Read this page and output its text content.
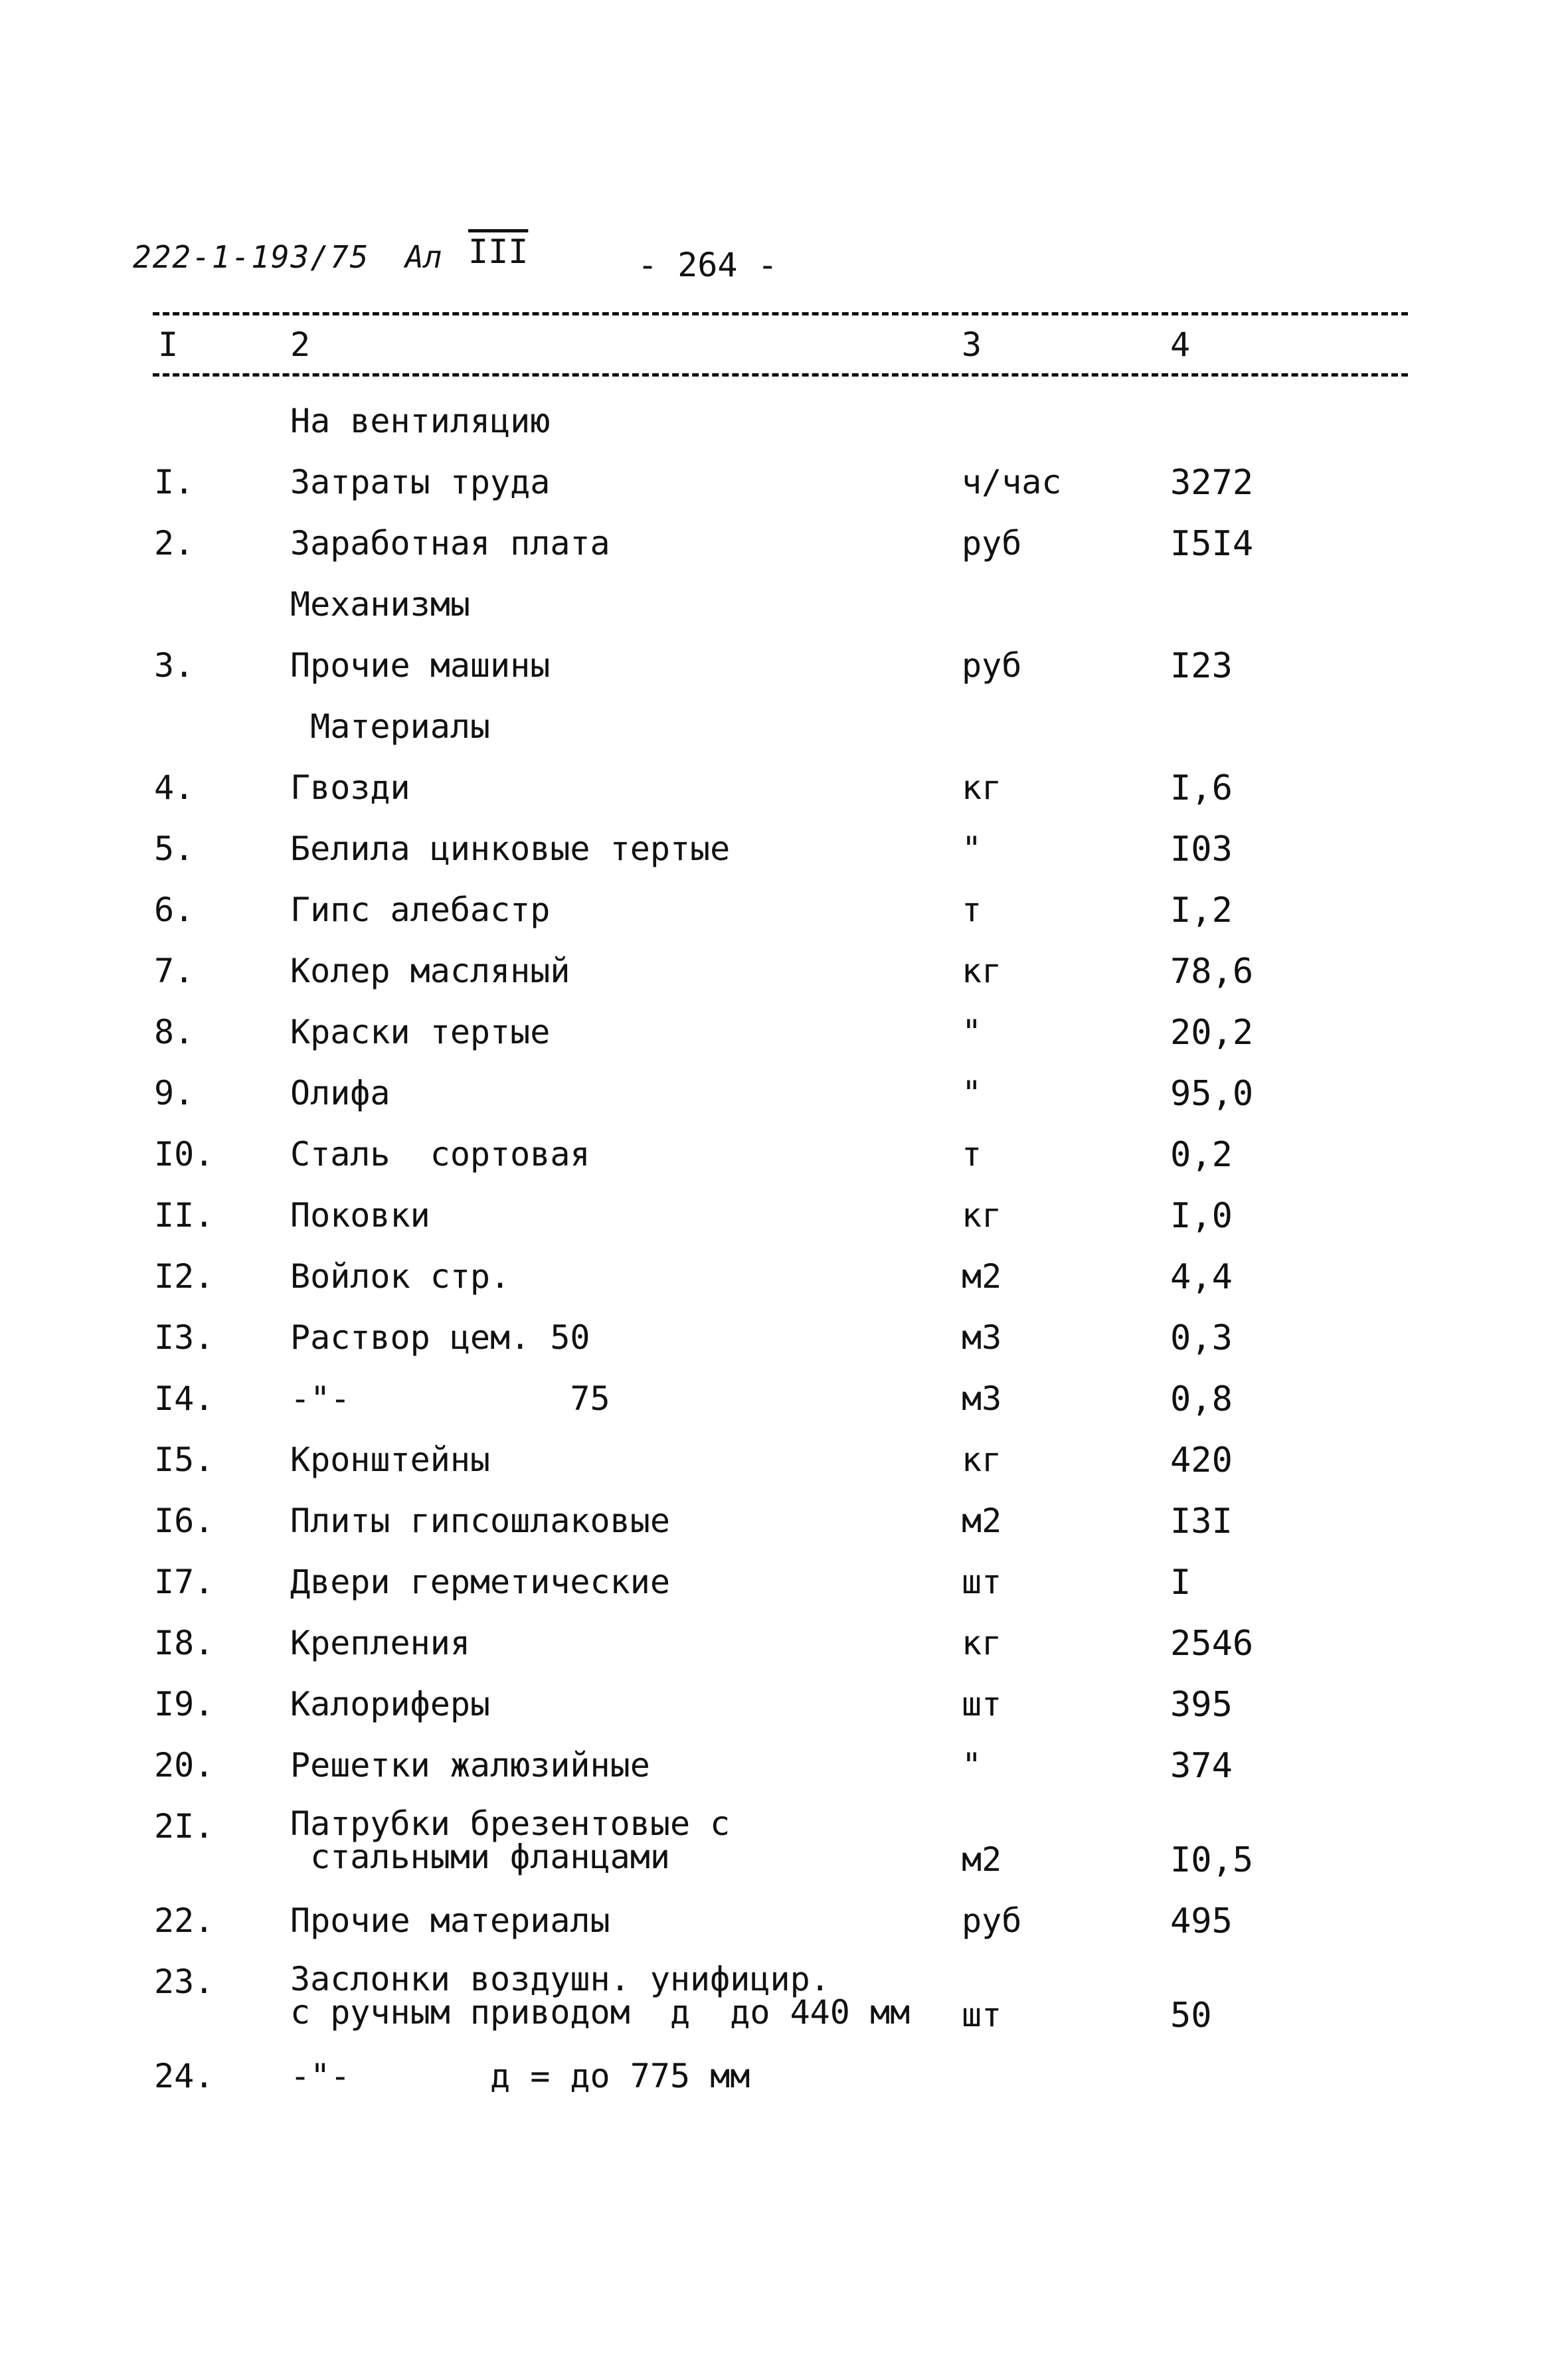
222-1-193/75 Ал $\overline{III}$	- 264 -
I	2	3	4
На вентиляцию
I.	Затраты труда	ч/час	3272
2.	Заработная плата	руб	I5I4
Механизмы
3.	Прочие машины	руб	I23
Материалы
4.	Гвозди	кг	I,6
5.	Белила цинковые тертые	"	I03
6.	Гипс алебастр	т	I,2
7.	Колер масляный	кг	78,6
8.	Краски тертые	"	20,2
9.	Олифа	"	95,0
I0. Сталь  сортовая	т	0,2
II. Поковки	кг	I,0
I2. Войлок стр.	м2	4,4
I3. Раствор цем. 50	м3	0,3
I4. -"-           75	м3	0,8
I5. Кронштейны	кг	420
I6. Плиты гипсошлаковые	м2	I3I
I7. Двери герметические	шт	I
I8. Крепления	кг	2546
I9. Калориферы	шт	395
20. Решетки жалюзийные	"	374
2I. Патрубки брезентовые с
стальными фланцами	м2	I0,5
22. Прочие материалы	руб	495
23. Заслонки воздушн. унифицир.
с ручным приводом  д  до 440 мм шт	50
24. -"-       д = до 775 мм
